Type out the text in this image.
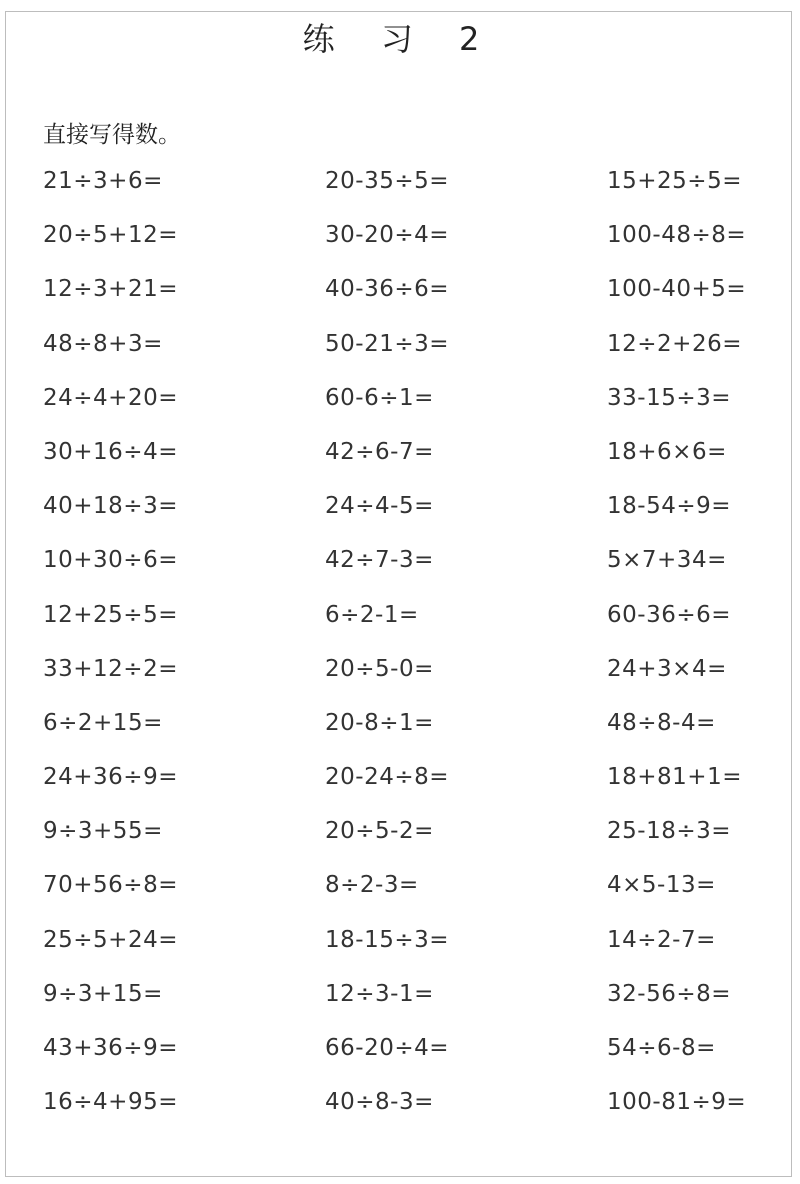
练 习 2
直接写得数。
21÷3+6=	20-35÷5=	15+25÷5=
20÷5+12=	30-20÷4=	100-48÷8=
12÷3+21=	40-36÷6=	100-40+5=
48÷8+3=	50-21÷3=	12÷2+26=
24÷4+20=	60-6÷1=	33-15÷3=
30+16÷4=	42÷6-7=	18+6×6=
40+18÷3=	24÷4-5=	18-54÷9=
10+30÷6=	42÷7-3=	5×7+34=
12+25÷5=	6÷2-1=	60-36÷6=
33+12÷2=	20÷5-0=	24+3×4=
6÷2+15=	20-8÷1=	48÷8-4=
24+36÷9=	20-24÷8=	18+81+1=
9÷3+55=	20÷5-2=	25-18÷3=
70+56÷8=	8÷2-3=	4×5-13=
25÷5+24=	18-15÷3=	14÷2-7=
9÷3+15=	12÷3-1=	32-56÷8=
43+36÷9=	66-20÷4=	54÷6-8=
16÷4+95=	40÷8-3=	100-81÷9=
